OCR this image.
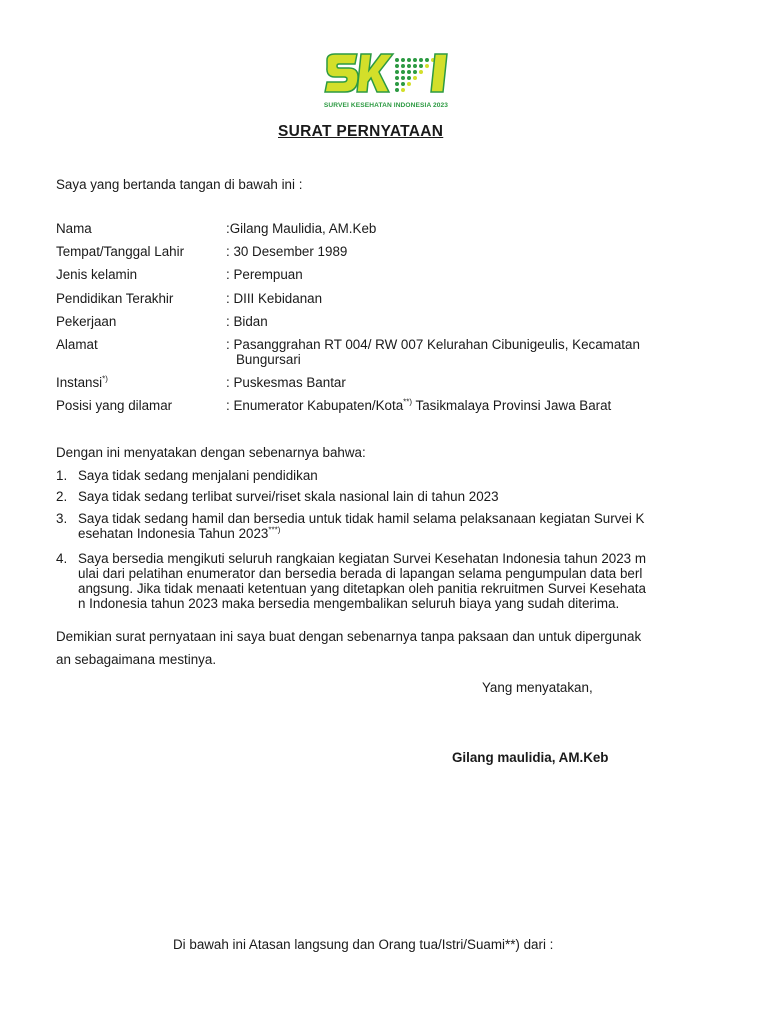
SURVEI KESEHATAN INDONESIA 2023
SURAT PERNYATAAN
Saya yang bertanda tangan di bawah ini :
Nama	:Gilang Maulidia, AM.Keb
Tempat/Tanggal Lahir	: 30 Desember 1989
Jenis kelamin	: Perempuan
Pendidikan Terakhir	: DIII Kebidanan
Pekerjaan	: Bidan
Alamat	: Pasanggrahan RT 004/ RW 007 Kelurahan Cibunigeulis, Kecamatan
Bungursari
Instansi*)	: Puskesmas Bantar
Posisi yang dilamar	: Enumerator Kabupaten/Kota**) Tasikmalaya Provinsi Jawa Barat
Dengan ini menyatakan dengan sebenarnya bahwa:
1. Saya tidak sedang menjalani pendidikan
2. Saya tidak sedang terlibat survei/riset skala nasional lain di tahun 2023
3. Saya tidak sedang hamil dan bersedia untuk tidak hamil selama pelaksanaan kegiatan Survei K
esehatan Indonesia Tahun 2023***)
4. Saya bersedia mengikuti seluruh rangkaian kegiatan Survei Kesehatan Indonesia tahun 2023 m
ulai dari pelatihan enumerator dan bersedia berada di lapangan selama pengumpulan data berl
angsung. Jika tidak menaati ketentuan yang ditetapkan oleh panitia rekruitmen Survei Kesehata
n Indonesia tahun 2023 maka bersedia mengembalikan seluruh biaya yang sudah diterima.
Demikian surat pernyataan ini saya buat dengan sebenarnya tanpa paksaan dan untuk dipergunak
an sebagaimana mestinya.
Yang menyatakan,
Gilang maulidia, AM.Keb
Di bawah ini Atasan langsung dan Orang tua/Istri/Suami**) dari :
